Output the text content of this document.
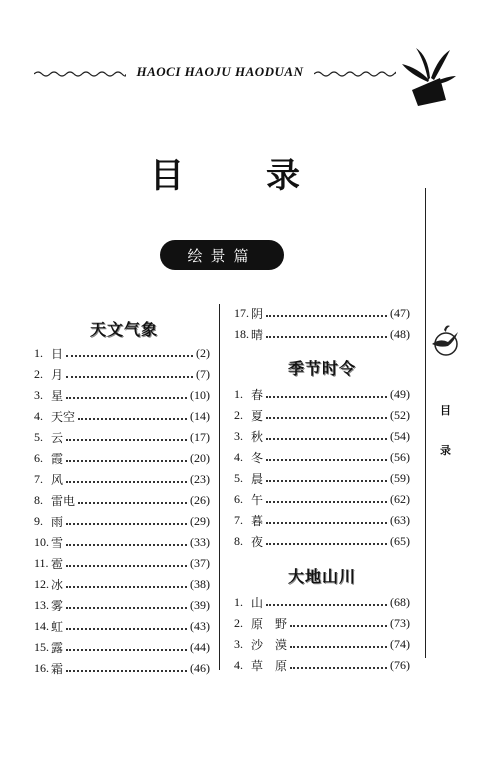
HAOCI HAOJU HAODUAN
目 录
绘景篇
天文气象
1. 日	(2)
2. 月	(7)
3. 星	(10)
4. 天空	(14)
5. 云	(17)
6. 霞	(20)
7. 风	(23)
8. 雷电	(26)
9. 雨	(29)
10. 雪	(33)
11. 雹	(37)
12. 冰	(38)
13. 雾	(39)
14. 虹	(43)
15. 露	(44)
16. 霜	(46)
17. 阴	(47)
18. 晴	(48)
季节时令
1. 春	(49)
2. 夏	(52)
3. 秋	(54)
4. 冬	(56)
5. 晨	(59)
6. 午	(62)
7. 暮	(63)
8. 夜	(65)
大地山川
1. 山	(68)
2. 原　野	(73)
3. 沙　漠	(74)
4. 草　原	(76)
目
录
